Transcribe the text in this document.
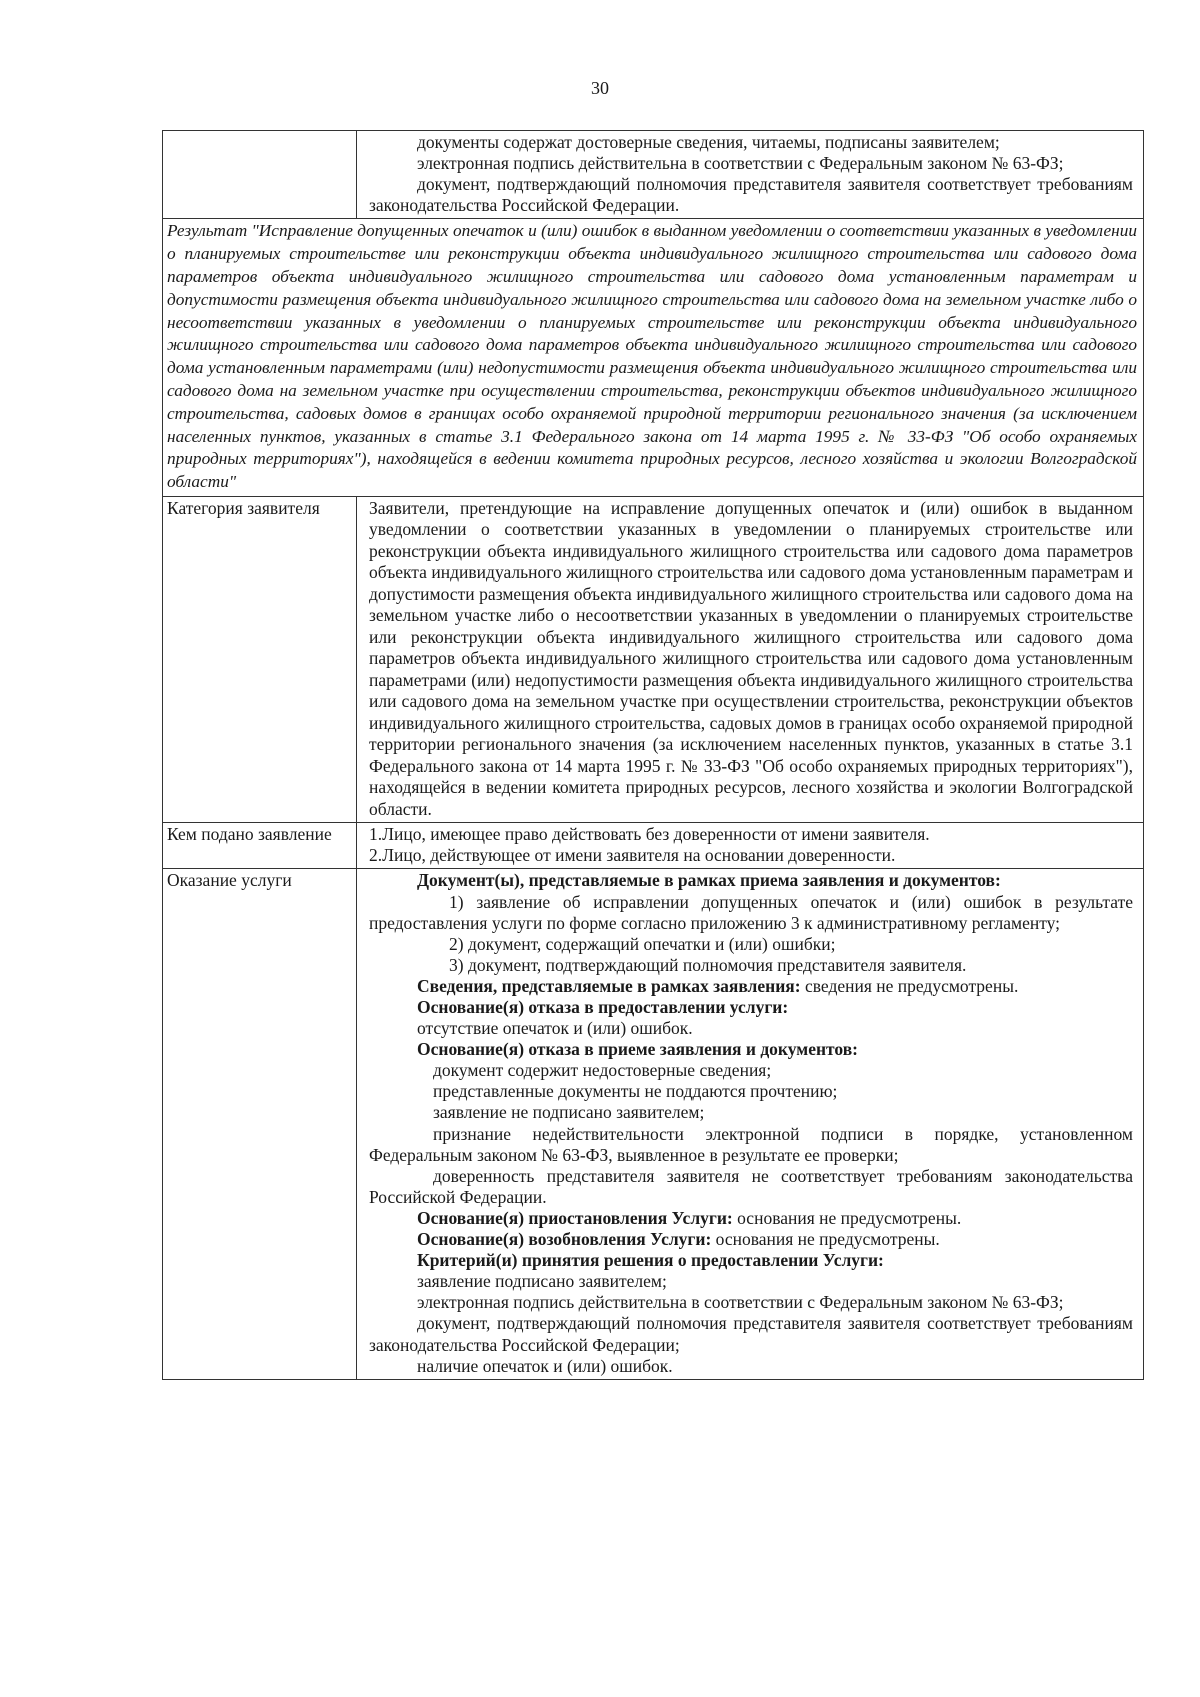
30

документы содержат достоверные сведения, читаемы, подписаны заявителем;

электронная подпись действительна в соответствии с Федеральным законом № 63-ФЗ;

документ, подтверждающий полномочия представителя заявителя соответствует требованиям законодательства Российской Федерации.

Результат "Исправление допущенных опечаток и (или) ошибок в выданном уведомлении о соответствии указанных в уведомлении о планируемых строительстве или реконструкции объекта индивидуального жилищного строительства или садового дома параметров объекта индивидуального жилищного строительства или садового дома установленным параметрам и допустимости размещения объекта индивидуального жилищного строительства или садового дома на земельном участке либо о несоответствии указанных в уведомлении о планируемых строительстве или реконструкции объекта индивидуального жилищного строительства или садового дома параметров объекта индивидуального жилищного строительства или садового дома установленным параметрами (или) недопустимости размещения объекта индивидуального жилищного строительства или садового дома на земельном участке при осуществлении строительства, реконструкции объектов индивидуального жилищного строительства, садовых домов в границах особо охраняемой природной территории регионального значения (за исключением населенных пунктов, указанных в статье 3.1 Федерального закона от 14 марта 1995 г. № 33-ФЗ "Об особо охраняемых природных территориях"), находящейся в ведении комитета природных ресурсов, лесного хозяйства и экологии Волгоградской области"
Категория заявителя	Заявители, претендующие на исправление допущенных опечаток и (или) ошибок в выданном уведомлении о соответствии указанных в уведомлении о планируемых строительстве или реконструкции объекта индивидуального жилищного строительства или садового дома параметров объекта индивидуального жилищного строительства или садового дома установленным параметрам и допустимости размещения объекта индивидуального жилищного строительства или садового дома на земельном участке либо о несоответствии указанных в уведомлении о планируемых строительстве или реконструкции объекта индивидуального жилищного строительства или садового дома параметров объекта индивидуального жилищного строительства или садового дома установленным параметрами (или) недопустимости размещения объекта индивидуального жилищного строительства или садового дома на земельном участке при осуществлении строительства, реконструкции объектов индивидуального жилищного строительства, садовых домов в границах особо охраняемой природной территории регионального значения (за исключением населенных пунктов, указанных в статье 3.1 Федерального закона от 14 марта 1995 г. № 33-ФЗ "Об особо охраняемых природных территориях"), находящейся в ведении комитета природных ресурсов, лесного хозяйства и экологии Волгоградской области.
Кем подано заявление	1.Лицо, имеющее право действовать без доверенности от имени заявителя.

2.Лицо, действующее от имени заявителя на основании доверенности.

Оказание услуги	Документ(ы), представляемые в рамках приема заявления и документов:

1) заявление об исправлении допущенных опечаток и (или) ошибок в результате предоставления услуги по форме согласно приложению 3 к административному регламенту;

2) документ, содержащий опечатки и (или) ошибки;

3) документ, подтверждающий полномочия представителя заявителя.

Сведения, представляемые в рамках заявления: сведения не предусмотрены.

Основание(я) отказа в предоставлении услуги:

отсутствие опечаток и (или) ошибок.

Основание(я) отказа в приеме заявления и документов:

документ содержит недостоверные сведения;

представленные документы не поддаются прочтению;

заявление не подписано заявителем;

признание недействительности электронной подписи в порядке, установленном Федеральным законом № 63-ФЗ, выявленное в результате ее проверки;

доверенность представителя заявителя не соответствует требованиям законодательства Российской Федерации.

Основание(я) приостановления Услуги: основания не предусмотрены.

Основание(я) возобновления Услуги: основания не предусмотрены.

Критерий(и) принятия решения о предоставлении Услуги:

заявление подписано заявителем;

электронная подпись действительна в соответствии с Федеральным законом № 63-ФЗ;

документ, подтверждающий полномочия представителя заявителя соответствует требованиям законодательства Российской Федерации;

наличие опечаток и (или) ошибок.
